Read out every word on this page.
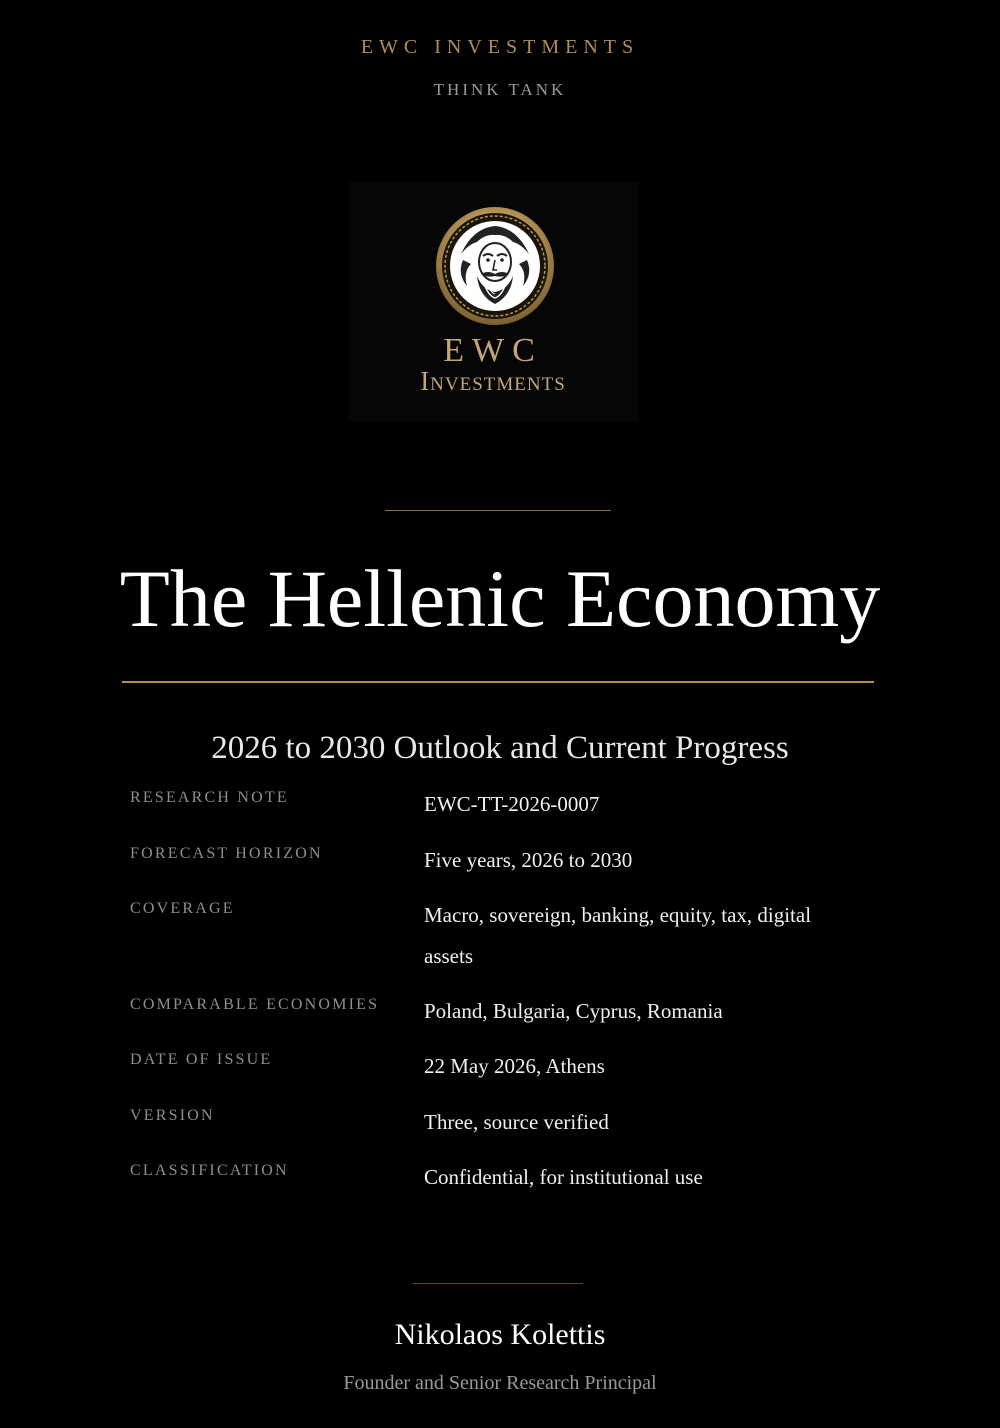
EWC INVESTMENTS
THINK TANK
EWC
Investments
The Hellenic Economy
2026 to 2030 Outlook and Current Progress
RESEARCH NOTE	EWC-TT-2026-0007
FORECAST HORIZON	Five years, 2026 to 2030
COVERAGE	Macro, sovereign, banking, equity, tax, digital assets
COMPARABLE ECONOMIES	Poland, Bulgaria, Cyprus, Romania
DATE OF ISSUE	22 May 2026, Athens
VERSION	Three, source verified
CLASSIFICATION	Confidential, for institutional use
Nikolaos Kolettis
Founder and Senior Research Principal
